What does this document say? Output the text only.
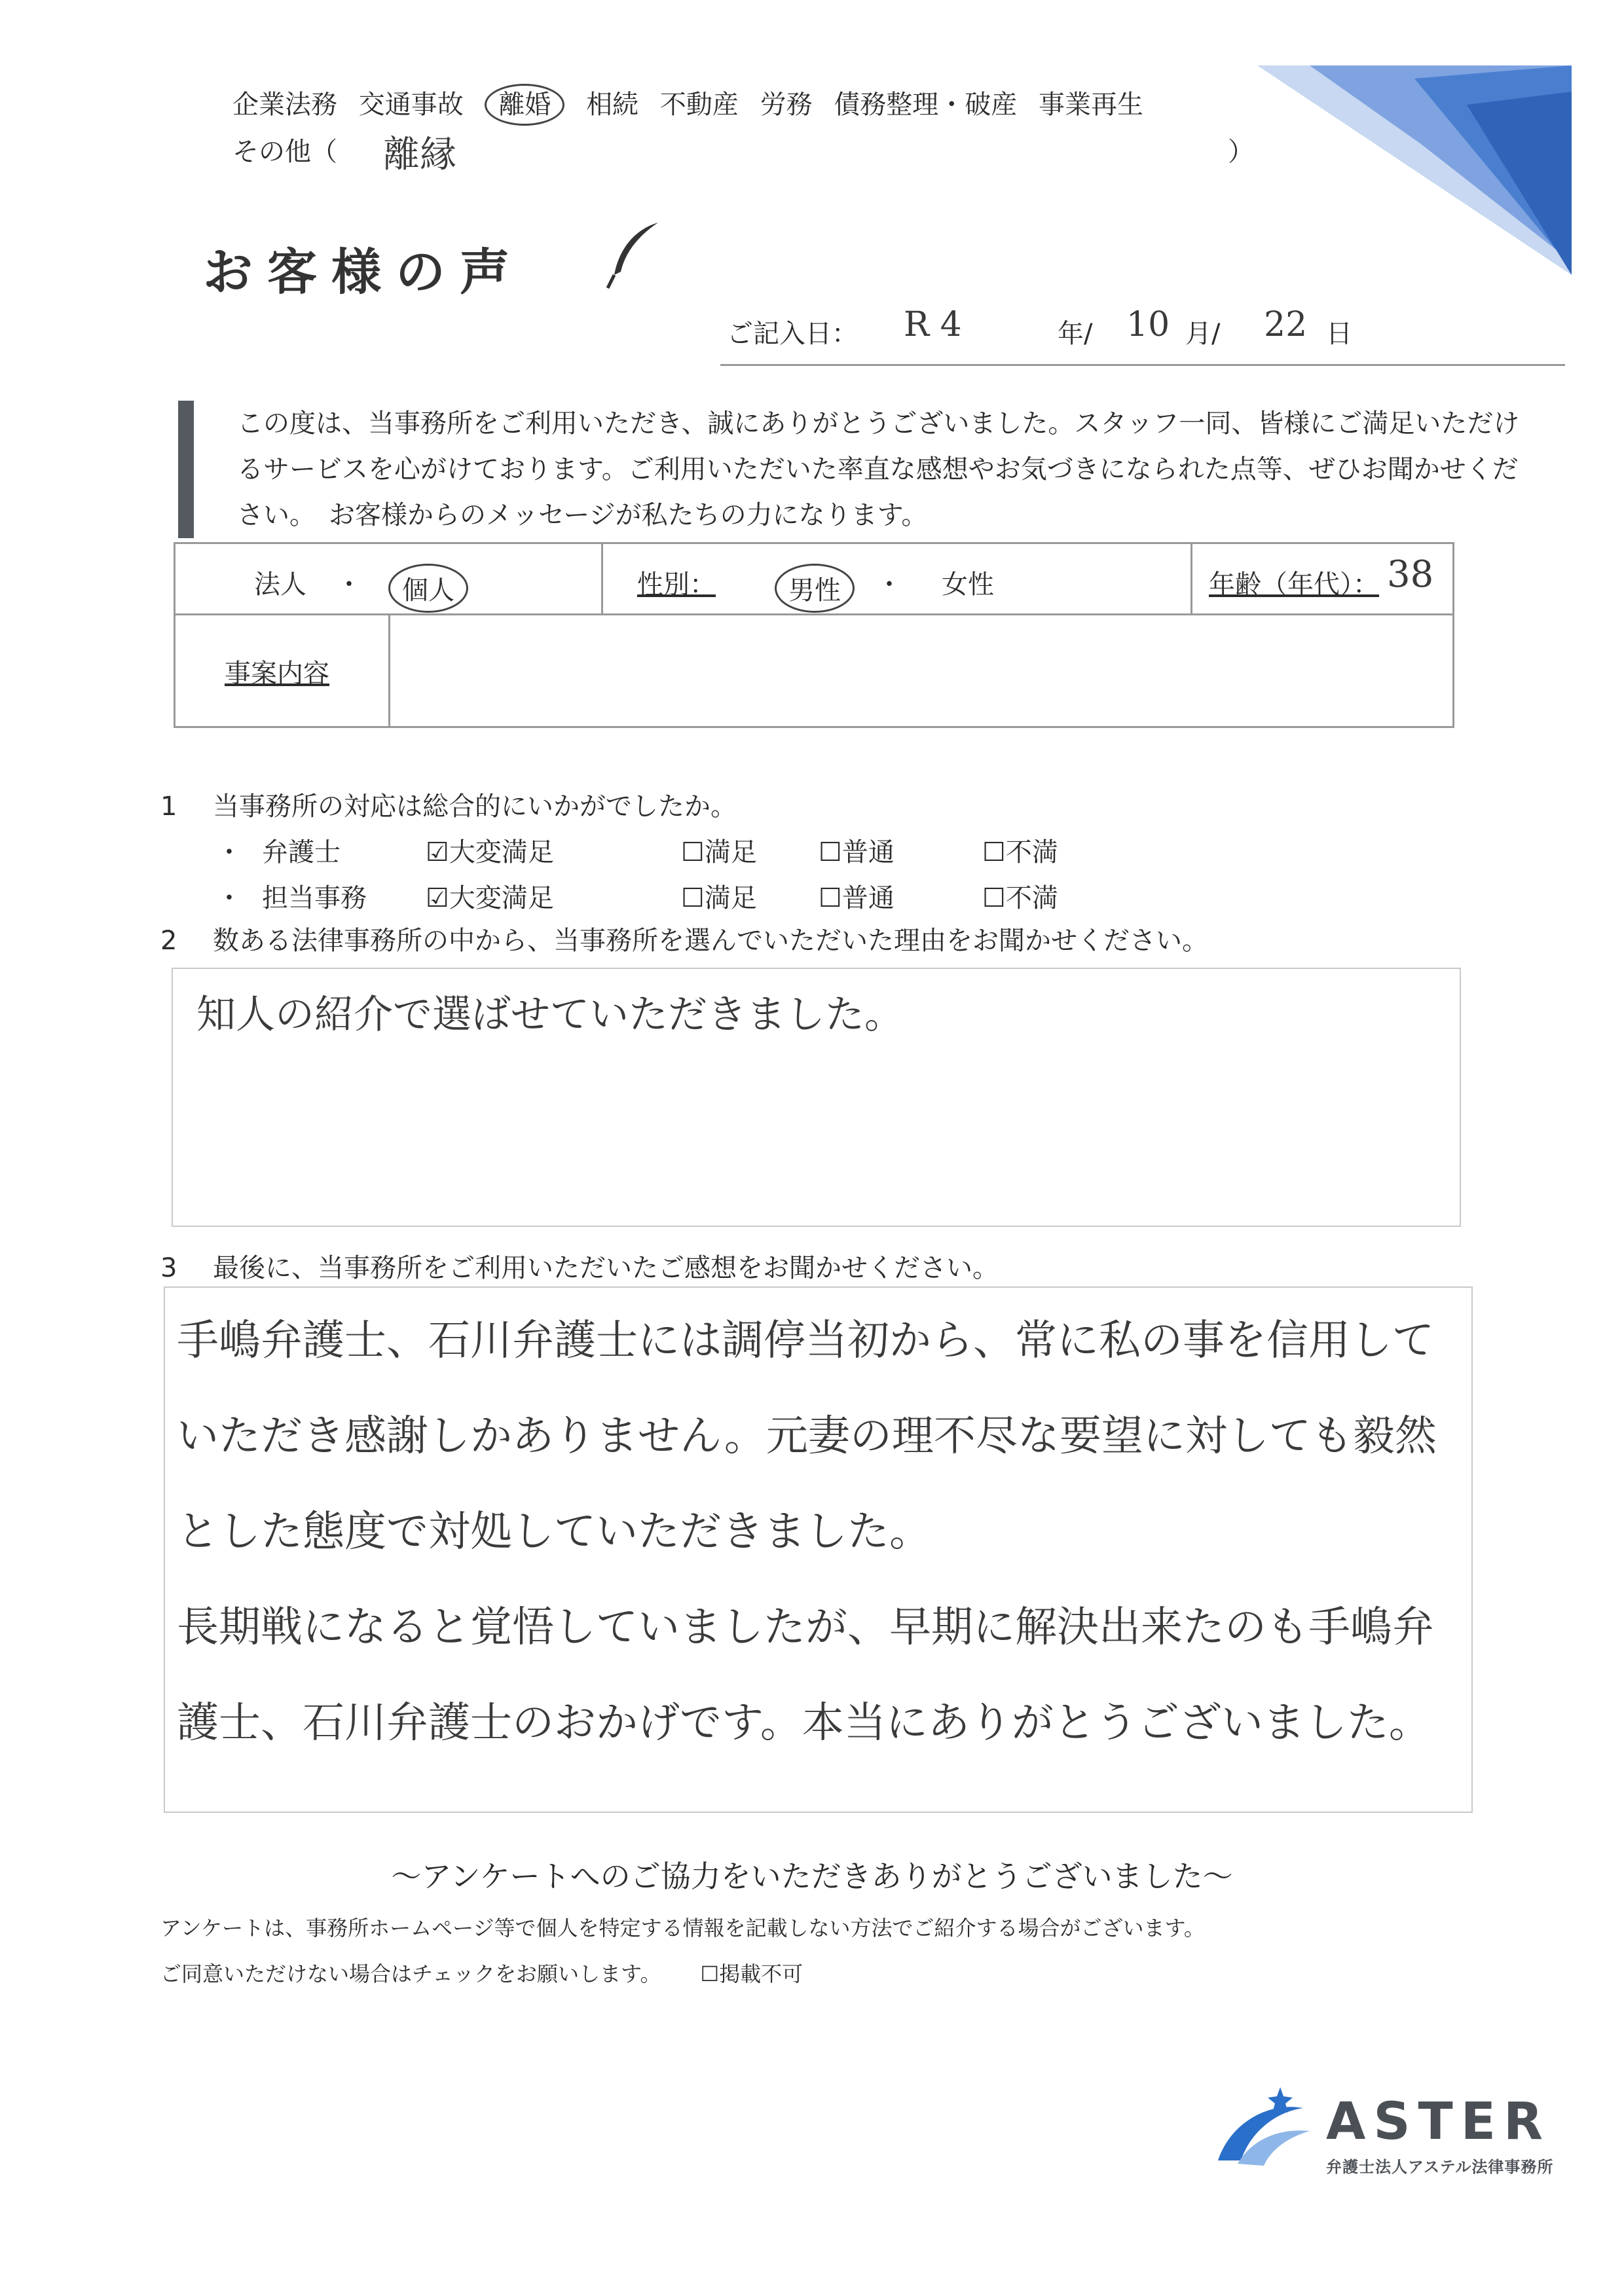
お客様の声
ご記入日： R 4	年/ 10 月/ 22 日
この度は、当事務所をご利用いただき、誠にありがとうございました。スタッフ一同、皆様にご満足いただけるサービスを心がけております。ご利用いただいた率直な感想やお気づきになられた点等、ぜひお聞かせください。　お客様からのメッセージが私たちの力になります。
法人 ・	個人	性別：	男性	・ 女性	年齢（年代）： 38
事案内容
企業法務 交通事故 離婚 相続 不動産 労務 債務整理・破産 事業再生
その他（ 離縁	）
1 当事務所の対応は総合的にいかがでしたか。
・ 弁護士	☑大変満足	☐満足 ☐普通	☐不満
・ 担当事務 ☑大変満足	☐満足 ☐普通	☐不満
2 数ある法律事務所の中から、当事務所を選んでいただいた理由をお聞かせください。
知人の紹介で選ばせていただきました。
3 最後に、当事務所をご利用いただいたご感想をお聞かせください。
手嶋弁護士、石川弁護士には調停当初から、常に私の事を信用していただき感謝しかありません。元妻の理不尽な要望に対しても毅然とした態度で対処していただきました。
長期戦になると覚悟していましたが、早期に解決出来たのも手嶋弁護士、石川弁護士のおかげです。本当にありがとうございました。
～アンケートへのご協力をいただきありがとうございました～
アンケートは、事務所ホームページ等で個人を特定する情報を記載しない方法でご紹介する場合がございます。
ご同意いただけない場合はチェックをお願いします。 ☐掲載不可
ASTER
弁護士法人アステル法律事務所
